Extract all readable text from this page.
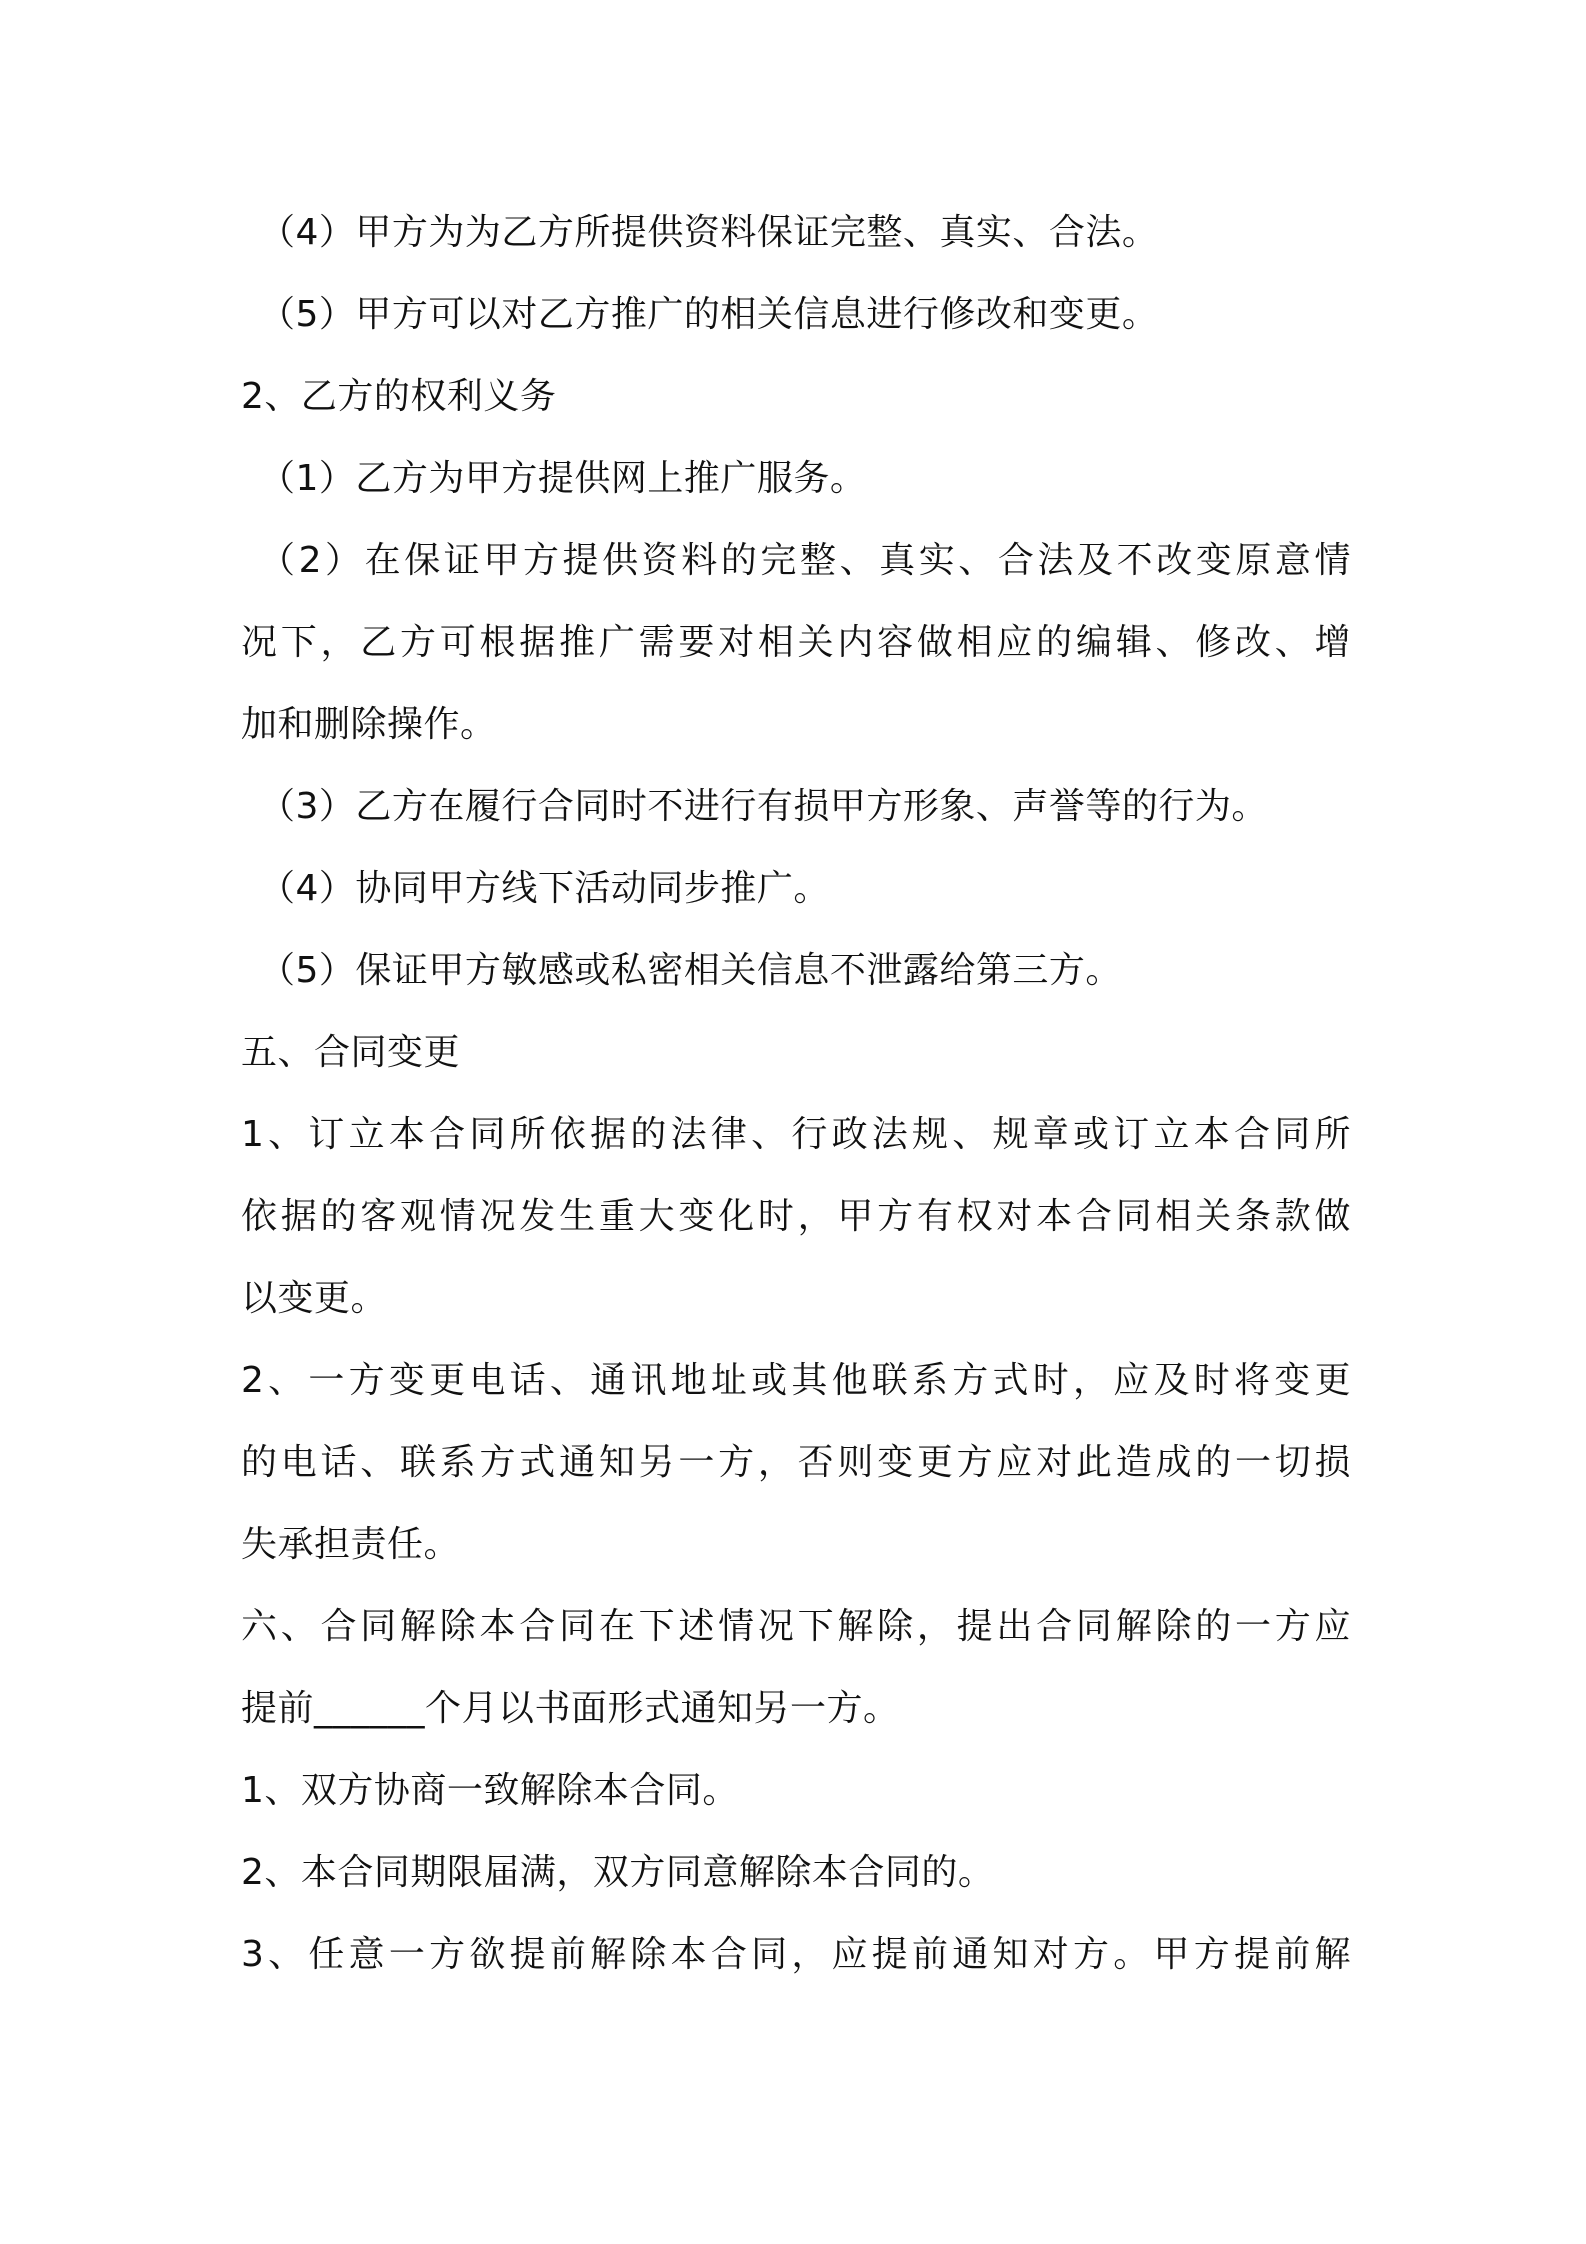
（4）甲方为为乙方所提供资料保证完整、真实、合法。
（5）甲方可以对乙方推广的相关信息进行修改和变更。
2、乙方的权利义务
（1）乙方为甲方提供网上推广服务。
（2）在保证甲方提供资料的完整、真实、合法及不改变原意情
况下，乙方可根据推广需要对相关内容做相应的编辑、修改、增
加和删除操作。
（3）乙方在履行合同时不进行有损甲方形象、声誉等的行为。
（4）协同甲方线下活动同步推广。
（5）保证甲方敏感或私密相关信息不泄露给第三方。
五、合同变更
1、订立本合同所依据的法律、行政法规、规章或订立本合同所
依据的客观情况发生重大变化时，甲方有权对本合同相关条款做
以变更。
2、一方变更电话、通讯地址或其他联系方式时，应及时将变更
的电话、联系方式通知另一方，否则变更方应对此造成的一切损
失承担责任。
六、合同解除本合同在下述情况下解除，提出合同解除的一方应
提前______个月以书面形式通知另一方。
1、双方协商一致解除本合同。
2、本合同期限届满，双方同意解除本合同的。
3、任意一方欲提前解除本合同，应提前通知对方。甲方提前解
